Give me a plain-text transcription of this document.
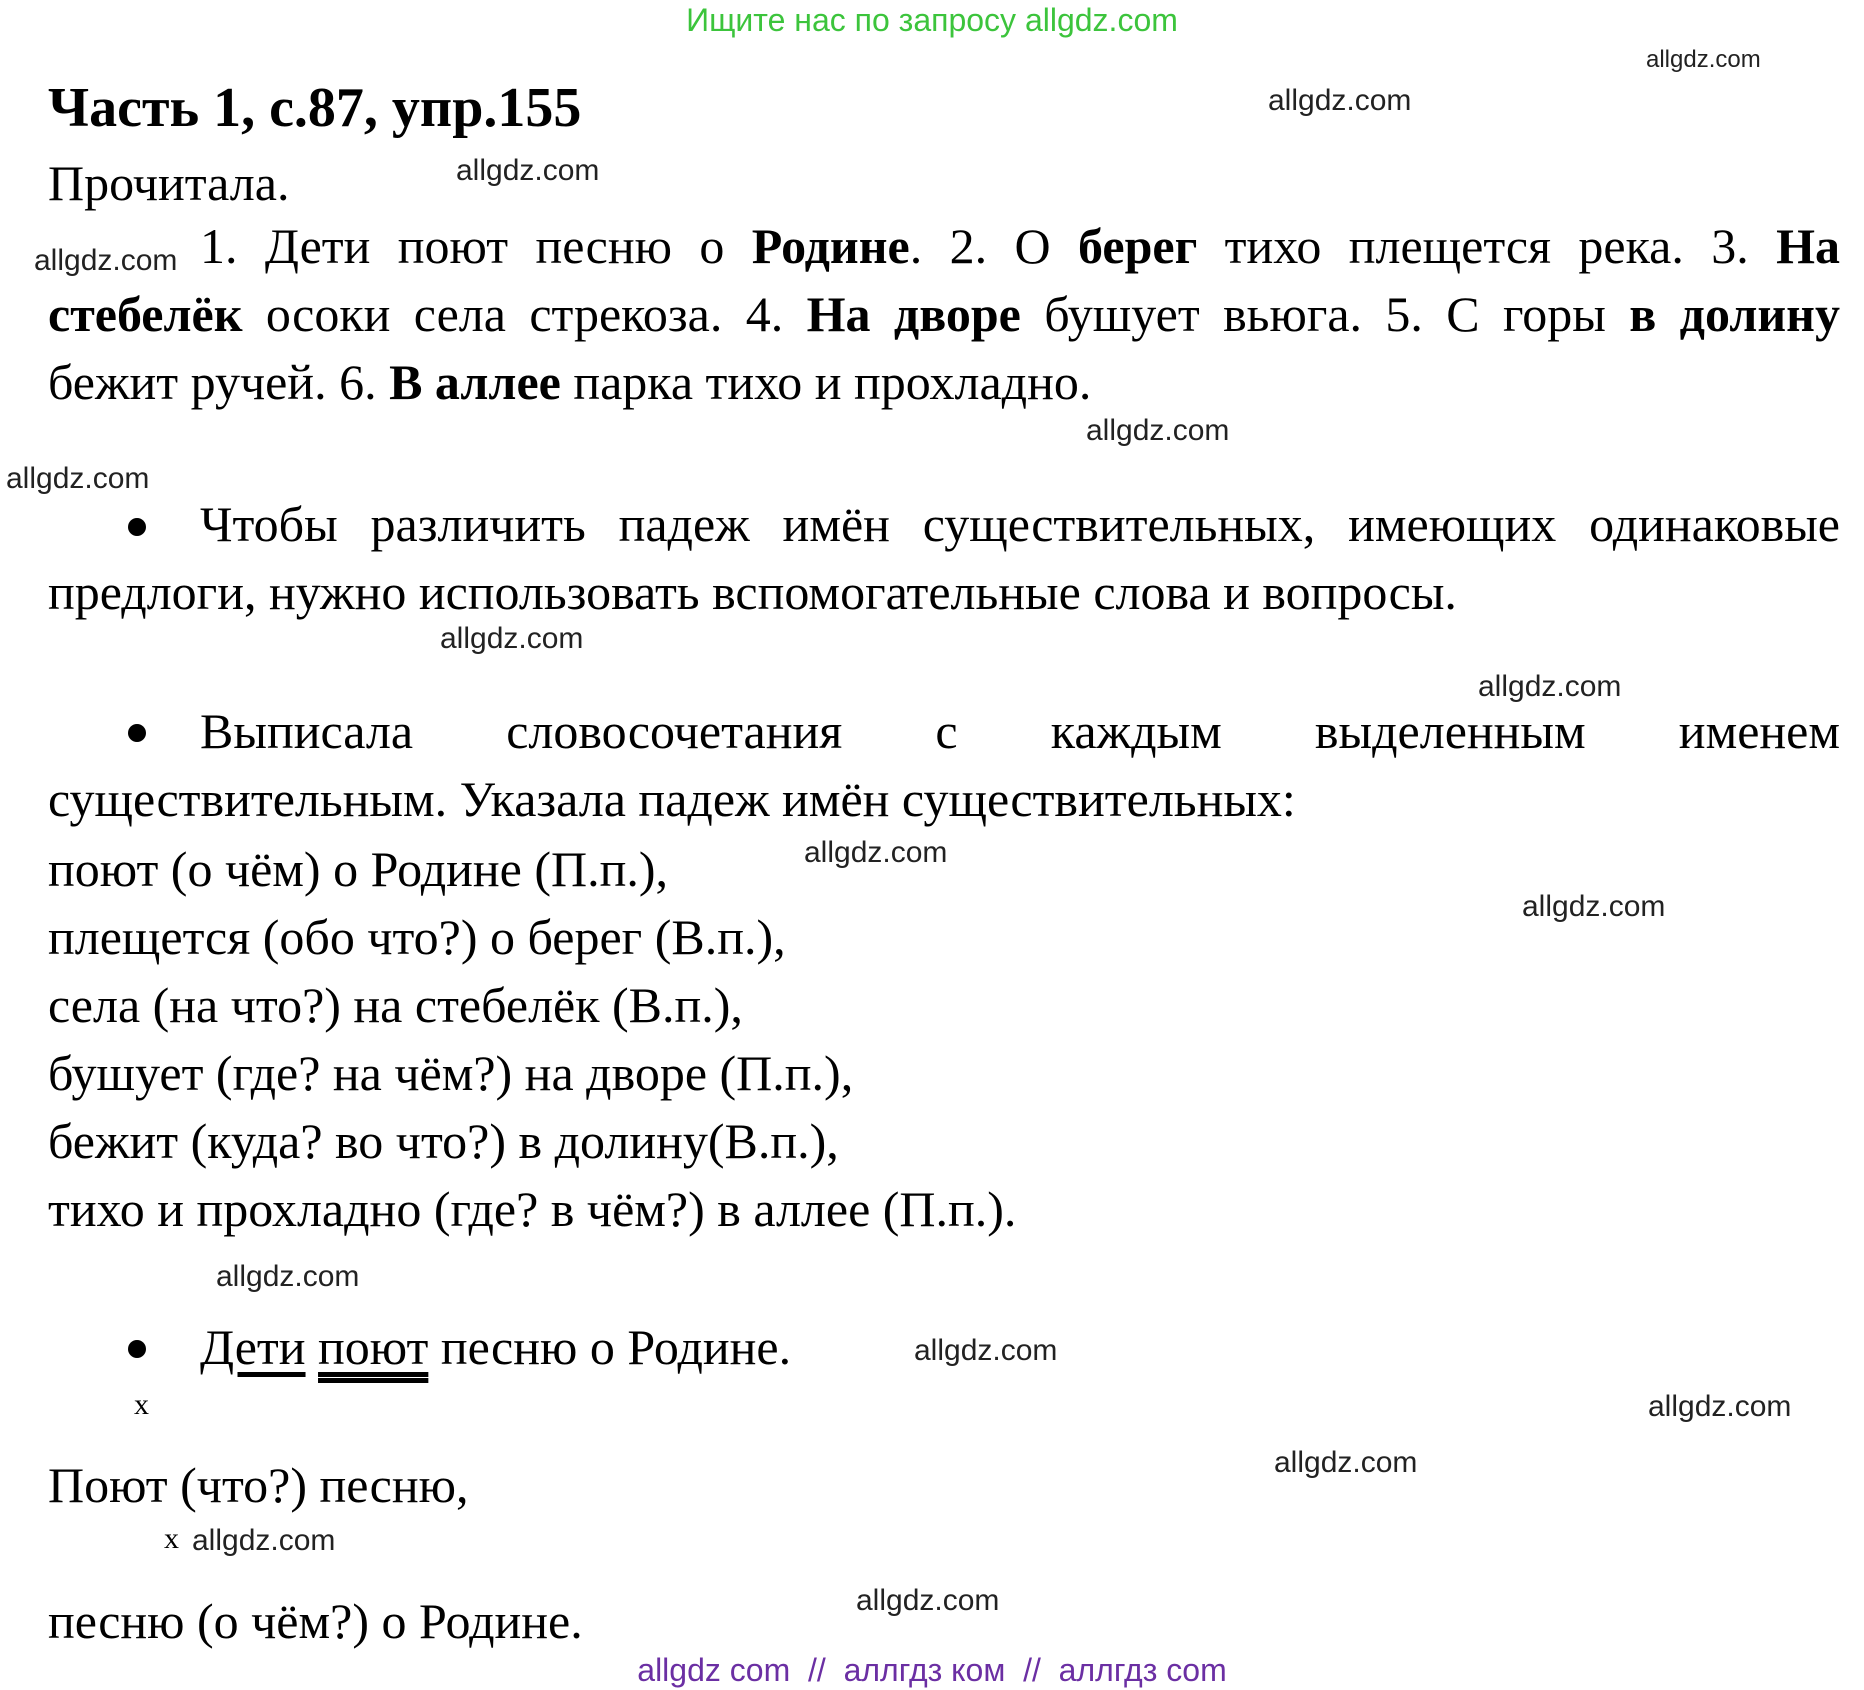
Ищите нас по запросу allgdz.com
Часть 1, с.87, упр.155
Прочитала.
1. Дети поют песню о Родине. 2. О берег тихо плещется река. 3. На стебелёк осоки села стрекоза. 4. На дворе бушует вьюга. 5. С горы в долину бежит ручей. 6. В аллее парка тихо и прохладно.
Чтобы различить падеж имён существительных, имеющих одинаковые предлоги, нужно использовать вспомогательные слова и вопросы.
Выписала словосочетания с каждым выделенным именем существительным. Указала падеж имён существительных:
поют (о чём) о Родине (П.п.),
плещется (обо что?) о берег (В.п.),
села (на что?) на стебелёк (В.п.),
бушует (где? на чём?) на дворе (П.п.),
бежит (куда? во что?) в долину(В.п.),
тихо и прохладно (где? в чём?) в аллее (П.п.).
Дети поют песню о Родине.
х
Поют (что?) песню,
х
песню (о чём?) о Родине.
allgdz.com
allgdz.com
allgdz.com
allgdz.com
allgdz.com
allgdz.com
allgdz.com
allgdz.com
allgdz.com
allgdz.com
allgdz.com
allgdz.com
allgdz.com
allgdz.com
allgdz.com
allgdz.com
allgdz com  //  аллгдз ком  //  аллгдз com
